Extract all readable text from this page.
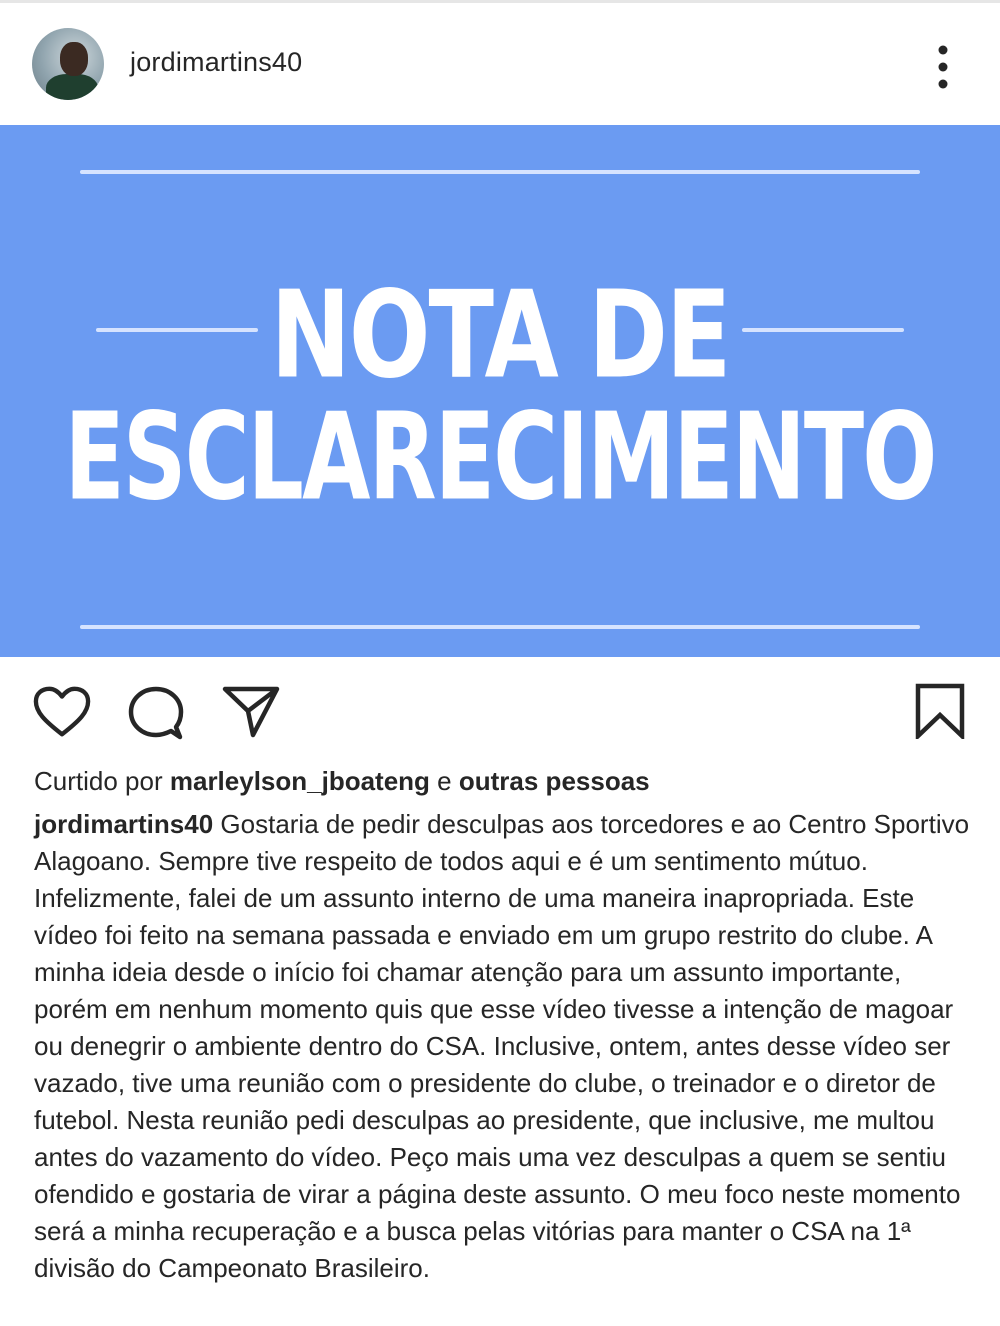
jordimartins40
NOTA DE
ESCLARECIMENTO
Curtido por marleylson_jboateng e outras pessoas
jordimartins40 Gostaria de pedir desculpas aos torcedores e ao Centro Sportivo Alagoano. Sempre tive respeito de todos aqui e é um sentimento mútuo. Infelizmente, falei de um assunto interno de uma maneira inapropriada. Este vídeo foi feito na semana passada e enviado em um grupo restrito do clube. A minha ideia desde o início foi chamar atenção para um assunto importante, porém em nenhum momento quis que esse vídeo tivesse a intenção de magoar ou denegrir o ambiente dentro do CSA. Inclusive, ontem, antes desse vídeo ser vazado, tive uma reunião com o presidente do clube, o treinador e o diretor de futebol. Nesta reunião pedi desculpas ao presidente, que inclusive, me multou antes do vazamento do vídeo. Peço mais uma vez desculpas a quem se sentiu ofendido e gostaria de virar a página deste assunto. O meu foco neste momento será a minha recuperação e a busca pelas vitórias para manter o CSA na 1ª divisão do Campeonato Brasileiro.
